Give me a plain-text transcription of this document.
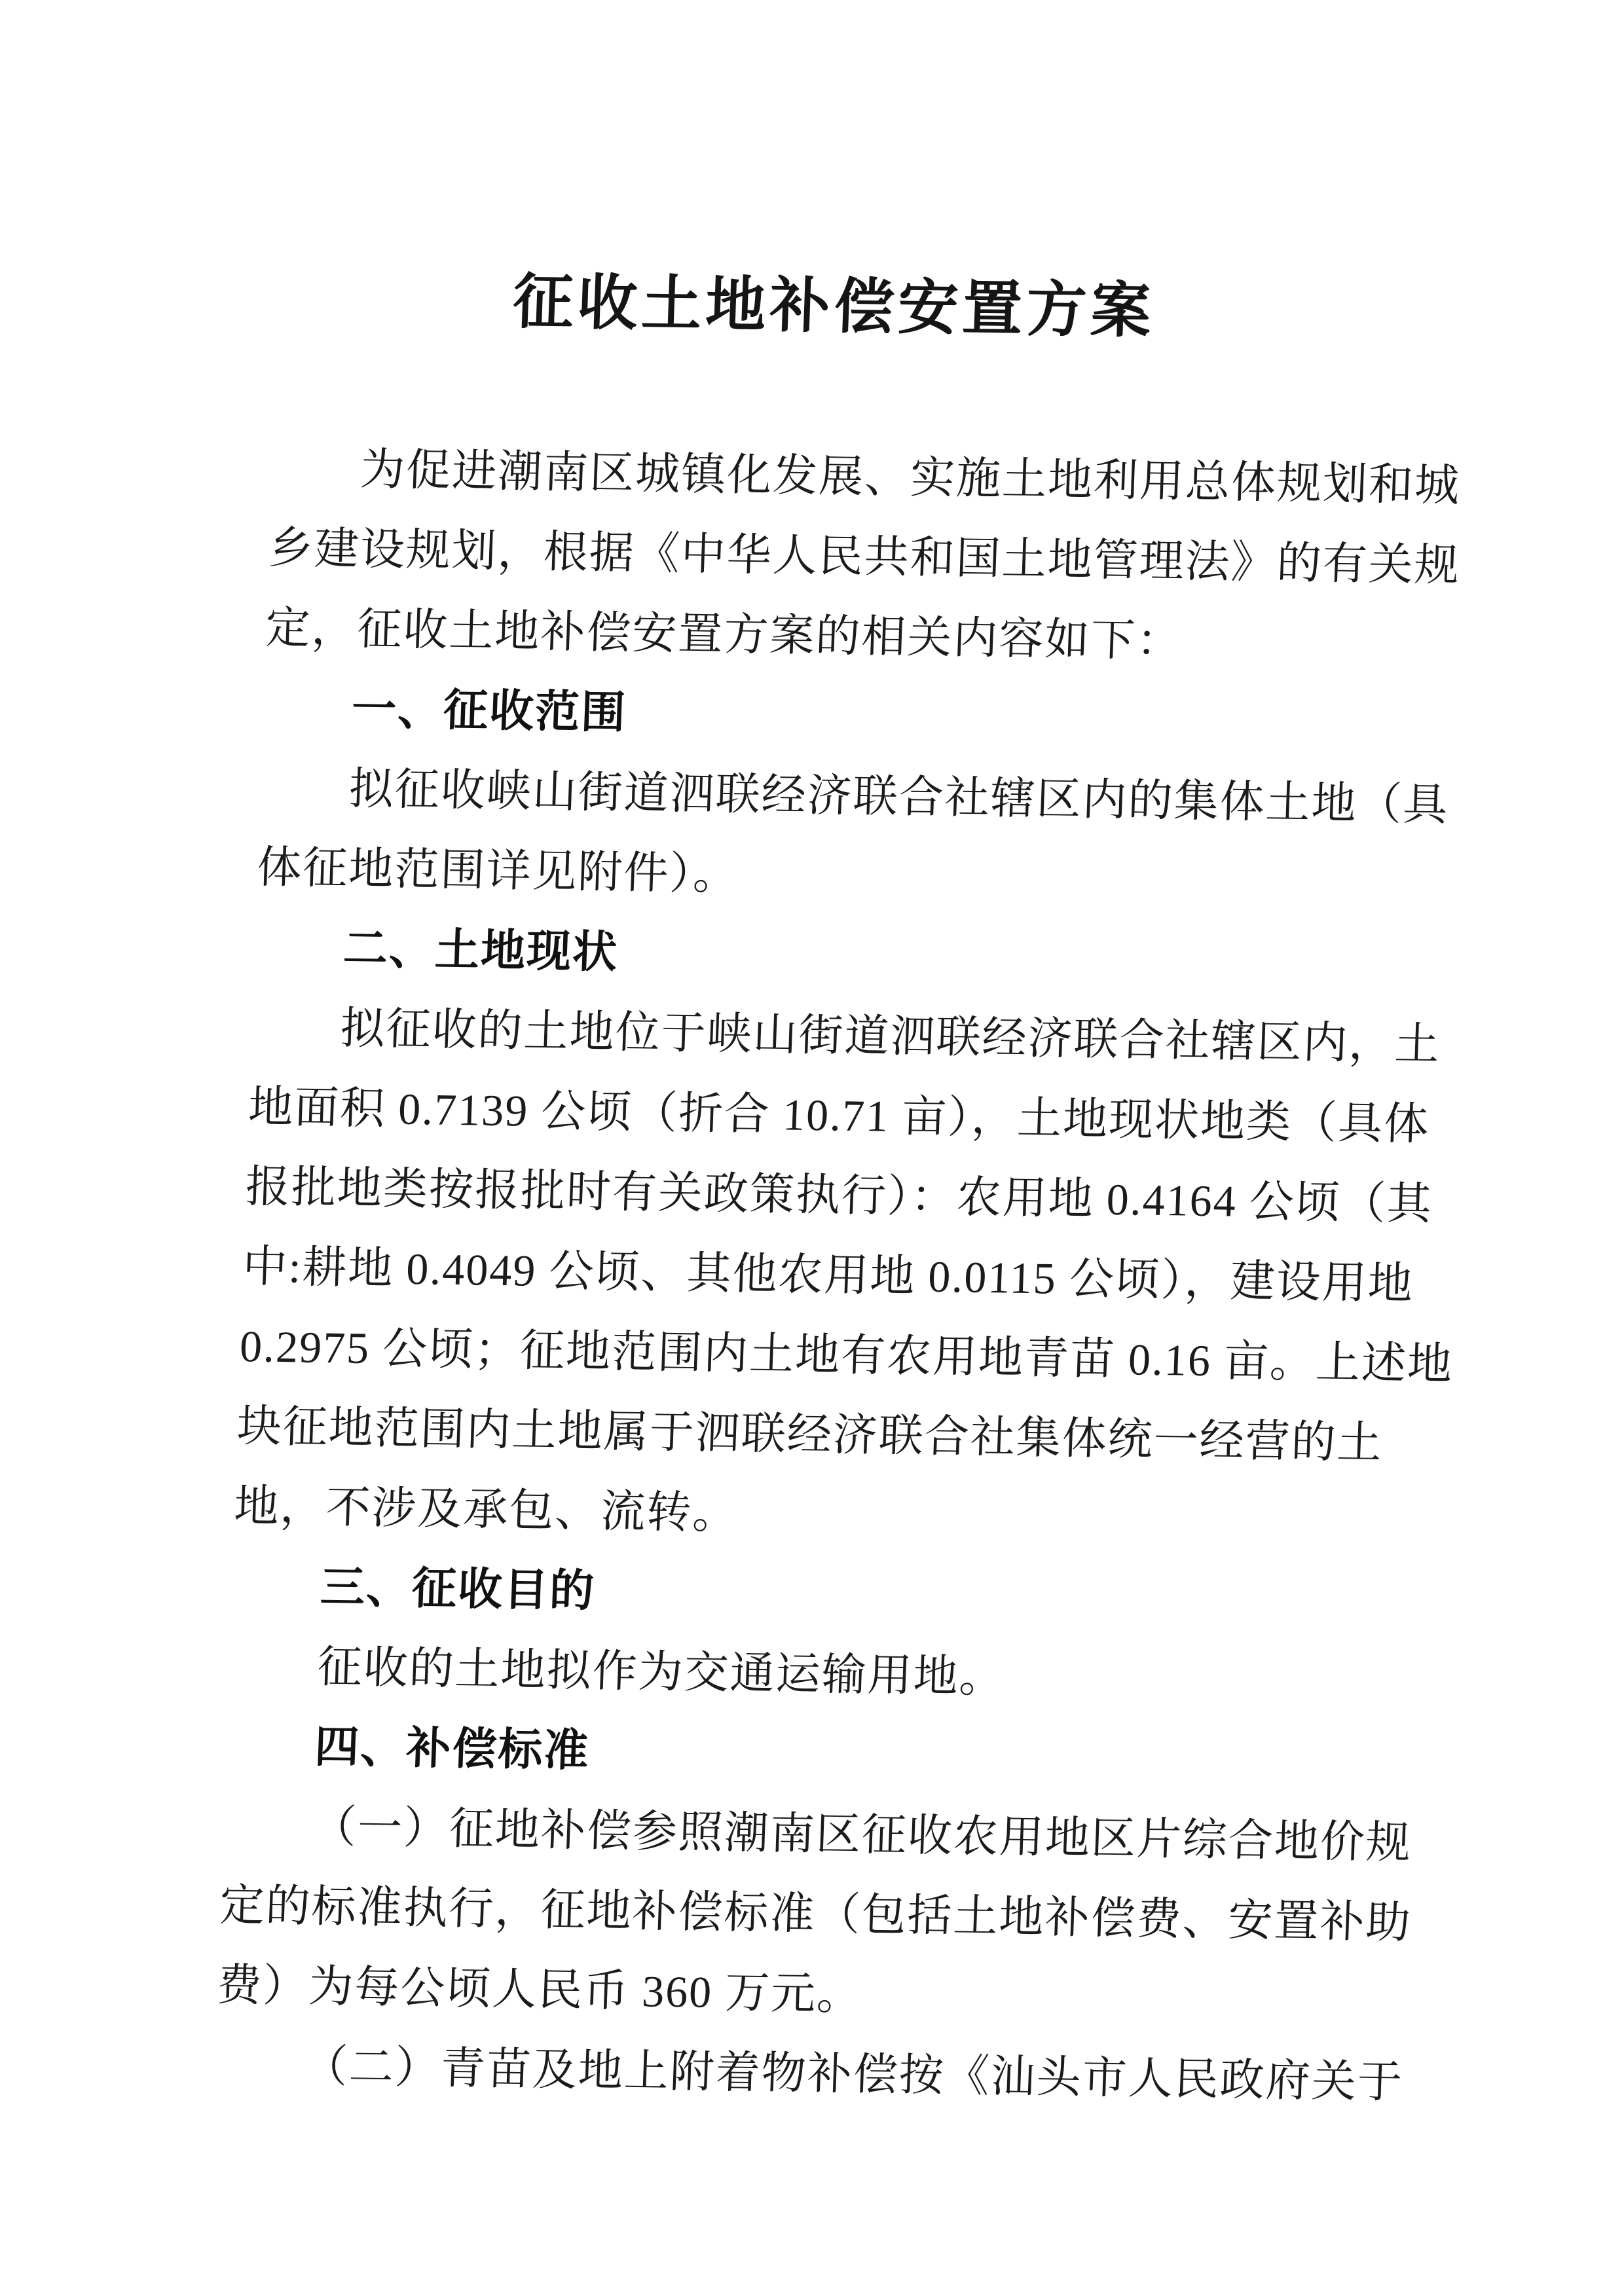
征收土地补偿安置方案
为促进潮南区城镇化发展、实施土地利用总体规划和城
乡建设规划，根据《中华人民共和国土地管理法》的有关规
定，征收土地补偿安置方案的相关内容如下：
一、征收范围
拟征收峡山街道泗联经济联合社辖区内的集体土地（具
体征地范围详见附件）。
二、土地现状
拟征收的土地位于峡山街道泗联经济联合社辖区内，土
地面积 0.7139 公顷（折合 10.71 亩），土地现状地类（具体
报批地类按报批时有关政策执行）：农用地 0.4164 公顷（其
中:耕地 0.4049 公顷、其他农用地 0.0115 公顷），建设用地
0.2975 公顷；征地范围内土地有农用地青苗 0.16 亩。上述地
块征地范围内土地属于泗联经济联合社集体统一经营的土
地，不涉及承包、流转。
三、征收目的
征收的土地拟作为交通运输用地。
四、补偿标准
（一）征地补偿参照潮南区征收农用地区片综合地价规
定的标准执行，征地补偿标准（包括土地补偿费、安置补助
费）为每公顷人民币 360 万元。
（二）青苗及地上附着物补偿按《汕头市人民政府关于
